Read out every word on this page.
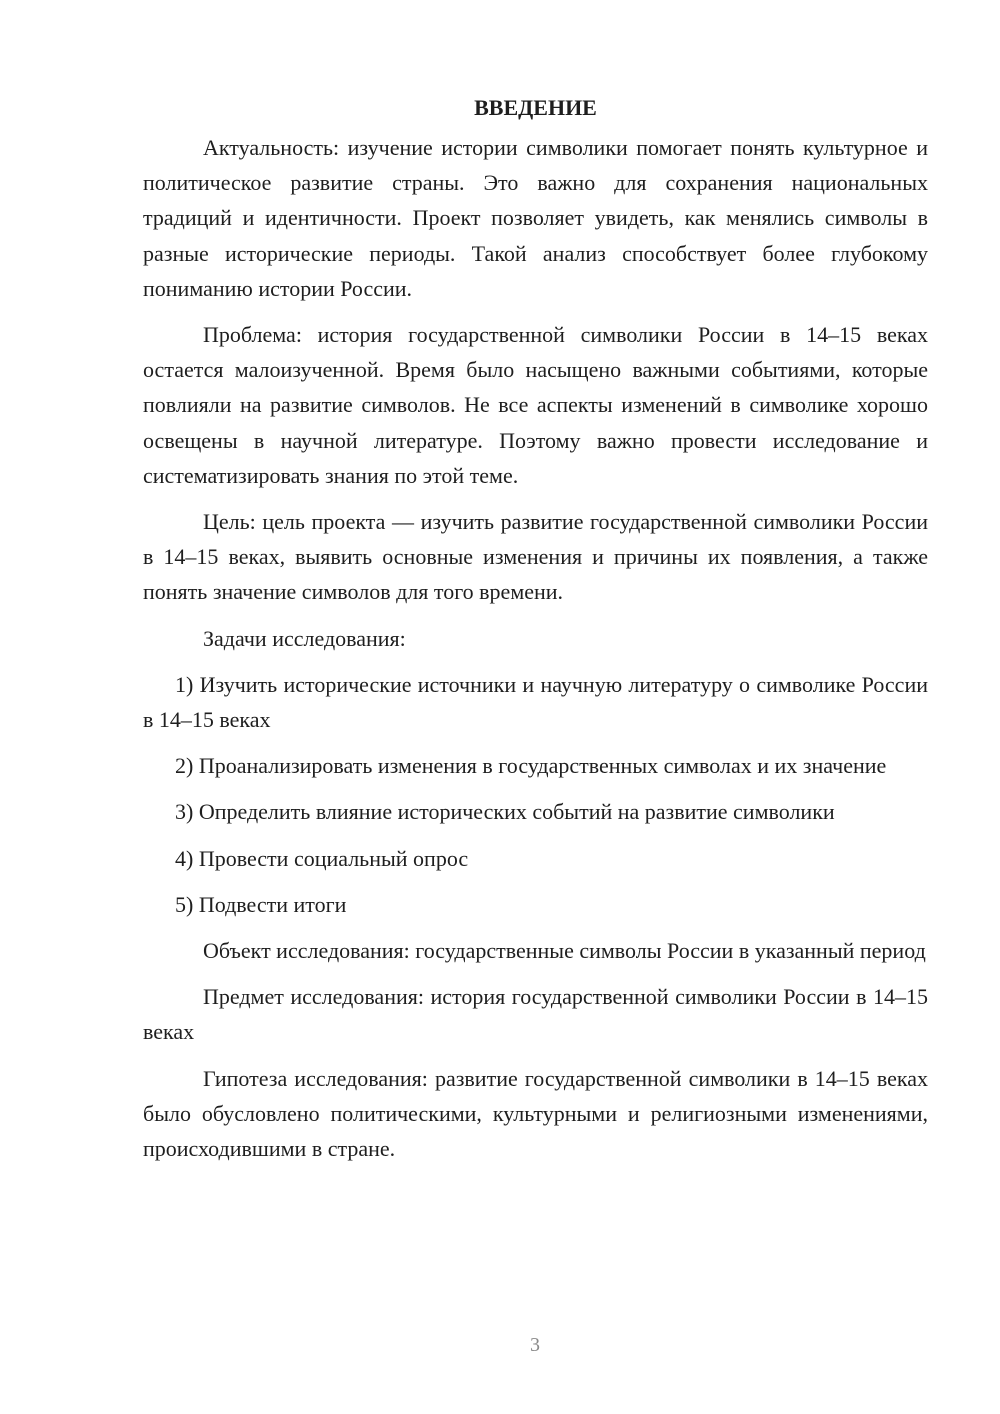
ВВЕДЕНИЕ

Актуальность: изучение истории символики помогает понять культурное и политическое развитие страны. Это важно для сохранения национальных традиций и идентичности. Проект позволяет увидеть, как менялись символы в разные исторические периоды. Такой анализ способствует более глубокому пониманию истории России.

Проблема: история государственной символики России в 14–15 веках остается малоизученной. Время было насыщено важными событиями, которые повлияли на развитие символов. Не все аспекты изменений в символике хорошо освещены в научной литературе. Поэтому важно провести исследование и систематизировать знания по этой теме.

Цель: цель проекта — изучить развитие государственной символики России в 14–15 веках, выявить основные изменения и причины их появления, а также понять значение символов для того времени.

Задачи исследования:

1) Изучить исторические источники и научную литературу о символике России в 14–15 веках

2) Проанализировать изменения в государственных символах и их значение

3) Определить влияние исторических событий на развитие символики

4) Провести социальный опрос

5) Подвести итоги

Объект исследования: государственные символы России в указанный период

Предмет исследования: история государственной символики России в 14–15 веках

Гипотеза исследования: развитие государственной символики в 14–15 веках было обусловлено политическими, культурными и религиозными изменениями, происходившими в стране.

3
